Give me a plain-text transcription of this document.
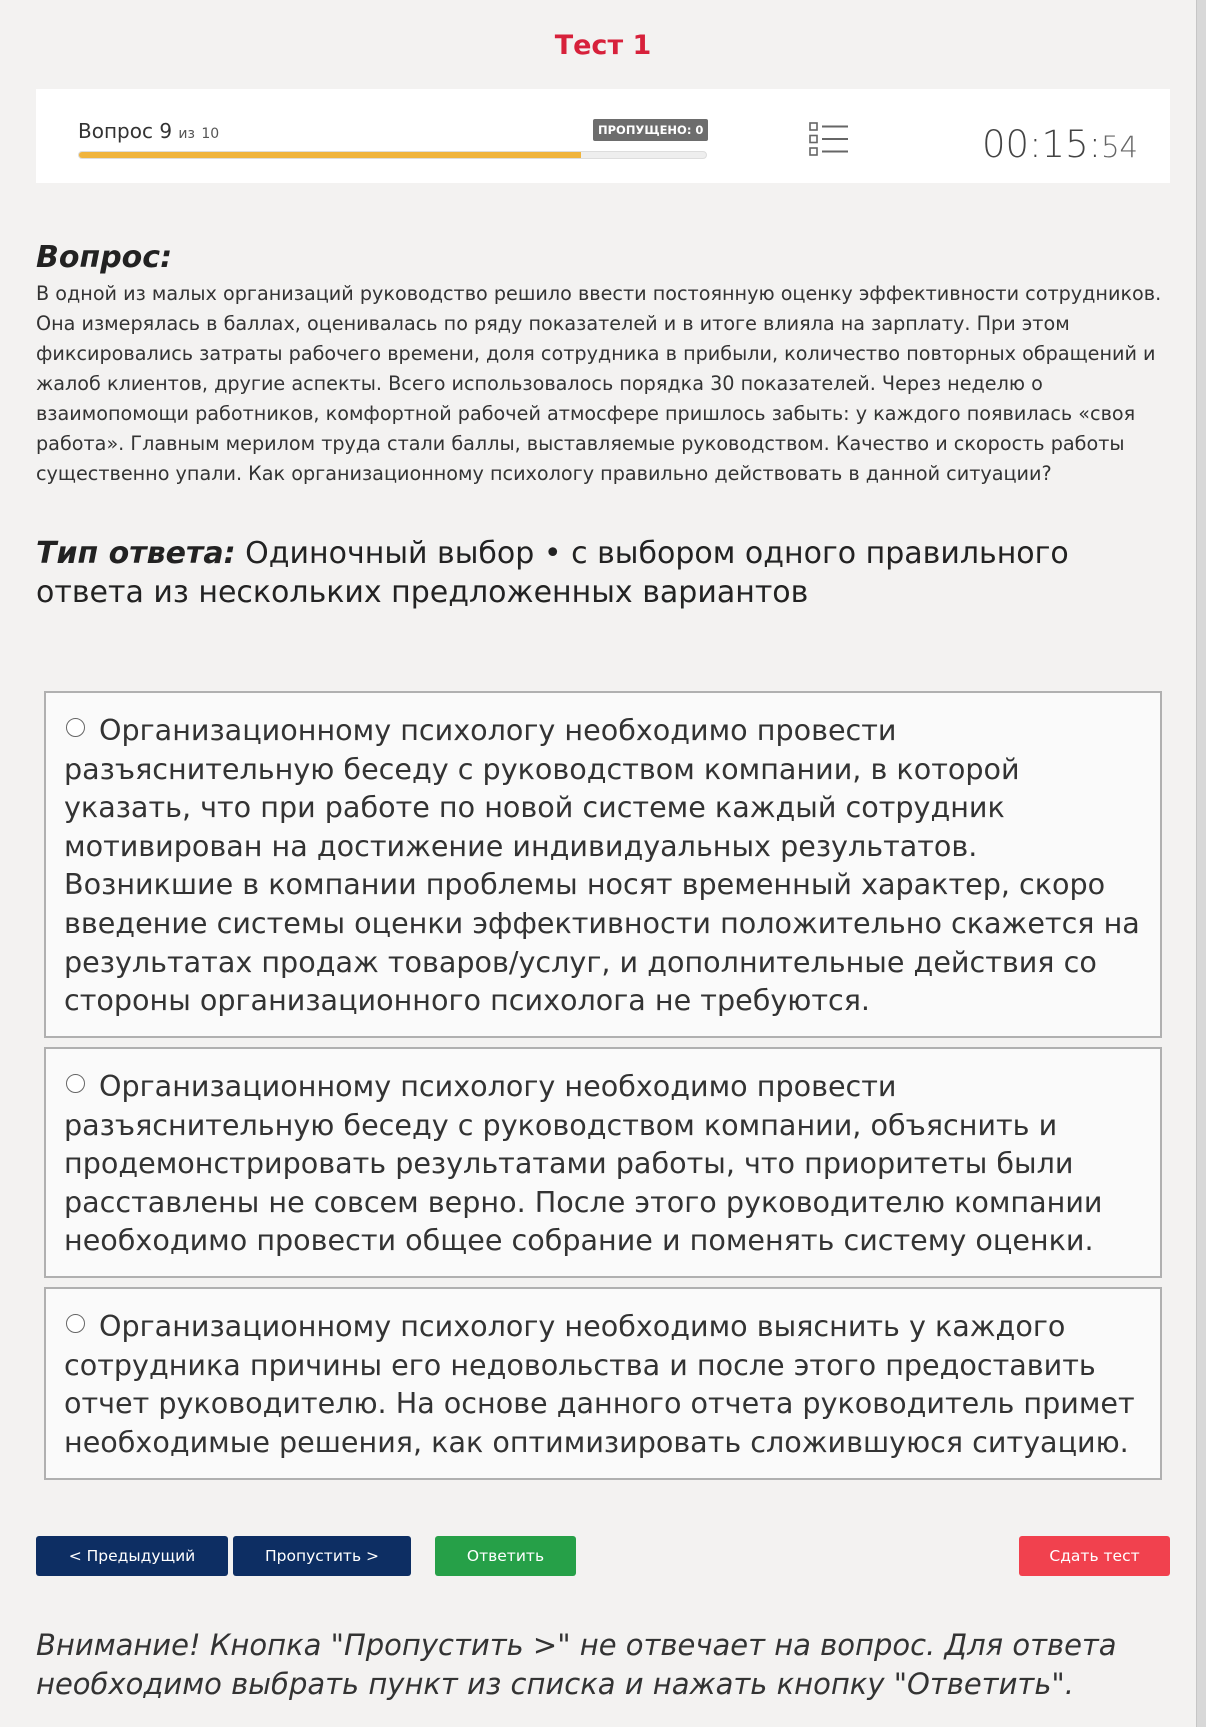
Тест 1
Вопрос 9 из 10	ПРОПУЩЕНО: 0	00:15:54
Вопрос:
В одной из малых организаций руководство решило ввести постоянную оценку эффективности сотрудников. Она измерялась в баллах, оценивалась по ряду показателей и в итоге влияла на зарплату. При этом фиксировались затраты рабочего времени, доля сотрудника в прибыли, количество повторных обращений и жалоб клиентов, другие аспекты. Всего использовалось порядка 30 показателей. Через неделю о взаимопомощи работников, комфортной рабочей атмосфере пришлось забыть: у каждого появилась «своя работа». Главным мерилом труда стали баллы, выставляемые руководством. Качество и скорость работы существенно упали. Как организационному психологу правильно действовать в данной ситуации?
Тип ответа: Одиночный выбор • с выбором одного правильного ответа из нескольких предложенных вариантов
Организационному психологу необходимо провести разъяснительную беседу с руководством компании, в которой указать, что при работе по новой системе каждый сотрудник мотивирован на достижение индивидуальных результатов. Возникшие в компании проблемы носят временный характер, скоро введение системы оценки эффективности положительно скажется на результатах продаж товаров/услуг, и дополнительные действия со стороны организационного психолога не требуются.
Организационному психологу необходимо провести разъяснительную беседу с руководством компании, объяснить и продемонстрировать результатами работы, что приоритеты были расставлены не совсем верно. После этого руководителю компании необходимо провести общее собрание и поменять систему оценки.
Организационному психологу необходимо выяснить у каждого сотрудника причины его недовольства и после этого предоставить отчет руководителю. На основе данного отчета руководитель примет необходимые решения, как оптимизировать сложившуюся ситуацию.
< Предыдущий	Пропустить >	Ответить	Сдать тест
Внимание! Кнопка "Пропустить >" не отвечает на вопрос. Для ответа необходимо выбрать пункт из списка и нажать кнопку "Ответить".
